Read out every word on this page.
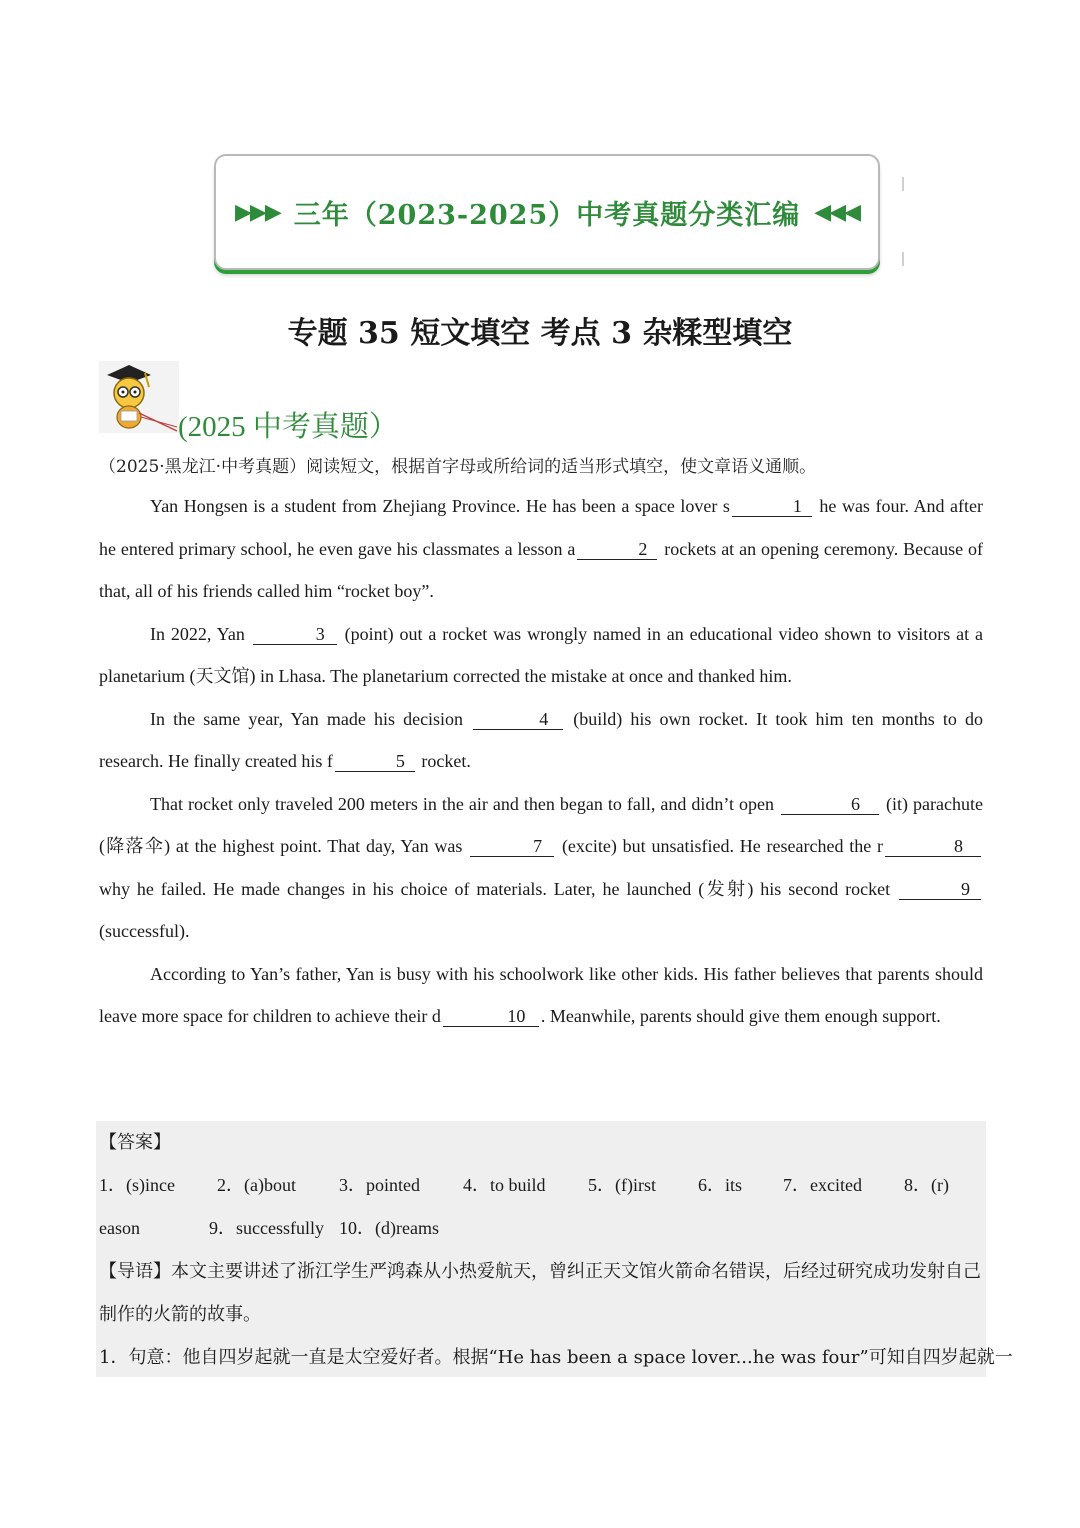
▶▶▶ 三年（2023-2025）中考真题分类汇编 ◀◀◀
专题 35 短文填空 考点 3 杂糅型填空
(2025 中考真题）
（2025·黑龙江·中考真题）阅读短文，根据首字母或所给词的适当形式填空，使文章语义通顺。

Yan Hongsen is a student from Zhejiang Province. He has been a space lover s	1 he was four. And after he entered primary school, he even gave his classmates a lesson a	2 rockets at an opening ceremony. Because of that, all of his friends called him “rocket boy”.

In 2022, Yan	3 (point) out a rocket was wrongly named in an educational video shown to visitors at a planetarium (天文馆) in Lhasa. The planetarium corrected the mistake at once and thanked him.

In the same year, Yan made his decision	4 (build) his own rocket. It took him ten months to do research. He finally created his f	5 rocket.

That rocket only traveled 200 meters in the air and then began to fall, and didn’t open	6 (it) parachute (降落伞) at the highest point. That day, Yan was	7 (excite) but unsatisfied. He researched the r	8 why he failed. He made changes in his choice of materials. Later, he launched (发射) his second rocket	9 (successful).

According to Yan’s father, Yan is busy with his schoolwork like other kids. His father believes that parents should leave more space for children to achieve their d	10 . Meanwhile, parents should give them enough support.

【答案】
1．(s)ince 2．(a)bout 3．pointed 4．to build 5．(f)irst 6．its 7．excited 8．(r)
eason	9．successfully 10．(d)reams
【导语】本文主要讲述了浙江学生严鸿森从小热爱航天，曾纠正天文馆火箭命名错误，后经过研究成功发射自己制作的火箭的故事。
1．句意：他自四岁起就一直是太空爱好者。根据“He has been a space lover...he was four”可知自四岁起就一
